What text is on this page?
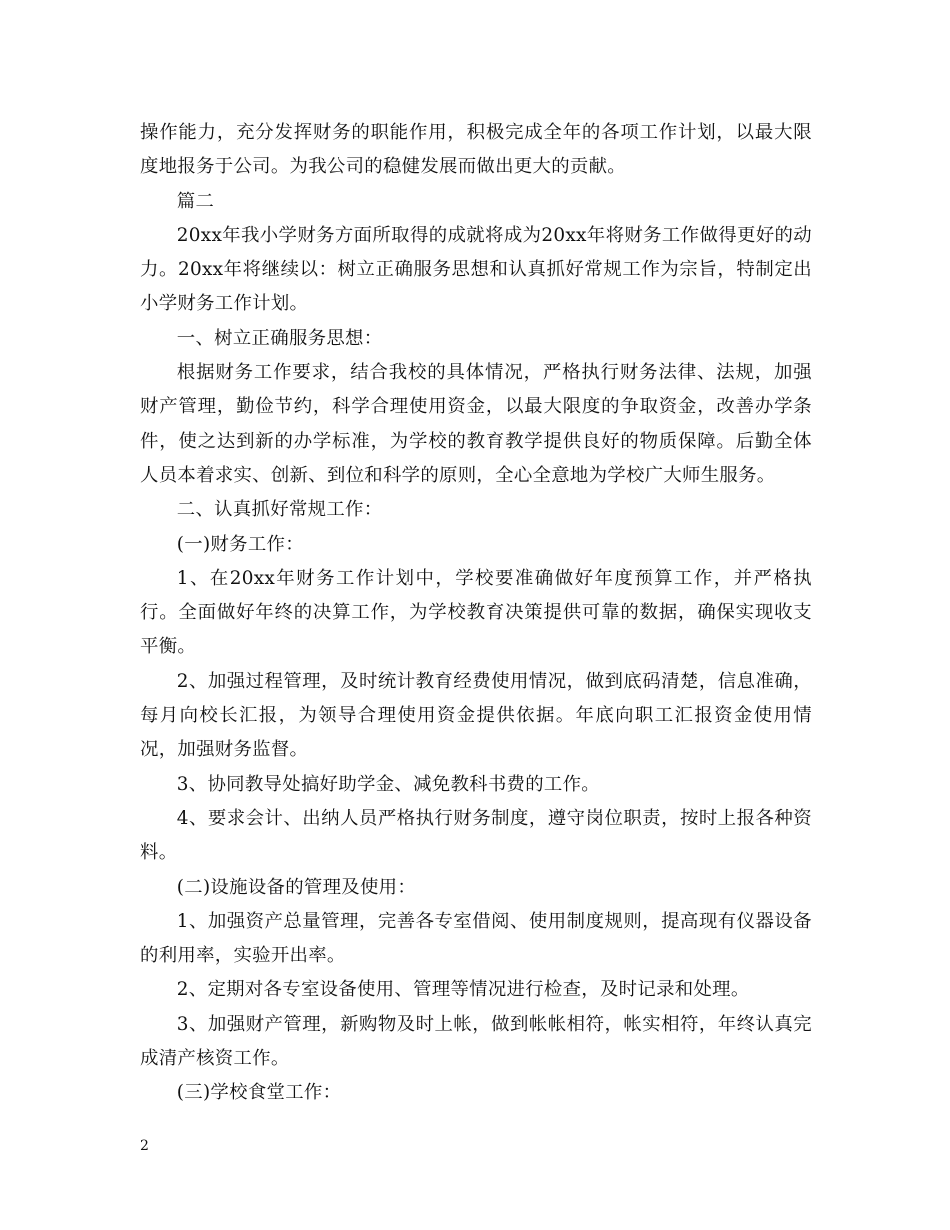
操作能力，充分发挥财务的职能作用，积极完成全年的各项工作计划，以最大限度地报务于公司。为我公司的稳健发展而做出更大的贡献。

篇二

20xx年我小学财务方面所取得的成就将成为20xx年将财务工作做得更好的动力。20xx年将继续以：树立正确服务思想和认真抓好常规工作为宗旨，特制定出小学财务工作计划。

一、树立正确服务思想：

根据财务工作要求，结合我校的具体情况，严格执行财务法律、法规，加强财产管理，勤俭节约，科学合理使用资金，以最大限度的争取资金，改善办学条件，使之达到新的办学标准，为学校的教育教学提供良好的物质保障。后勤全体人员本着求实、创新、到位和科学的原则，全心全意地为学校广大师生服务。

二、认真抓好常规工作：

(一)财务工作：

1、在20xx年财务工作计划中，学校要准确做好年度预算工作，并严格执行。全面做好年终的决算工作，为学校教育决策提供可靠的数据，确保实现收支平衡。

2、加强过程管理，及时统计教育经费使用情况，做到底码清楚，信息准确，每月向校长汇报，为领导合理使用资金提供依据。年底向职工汇报资金使用情况，加强财务监督。

3、协同教导处搞好助学金、减免教科书费的工作。

4、要求会计、出纳人员严格执行财务制度，遵守岗位职责，按时上报各种资料。

(二)设施设备的管理及使用：

1、加强资产总量管理，完善各专室借阅、使用制度规则，提高现有仪器设备的利用率，实验开出率。

2、定期对各专室设备使用、管理等情况进行检查，及时记录和处理。

3、加强财产管理，新购物及时上帐，做到帐帐相符，帐实相符，年终认真完成清产核资工作。

(三)学校食堂工作：

2
